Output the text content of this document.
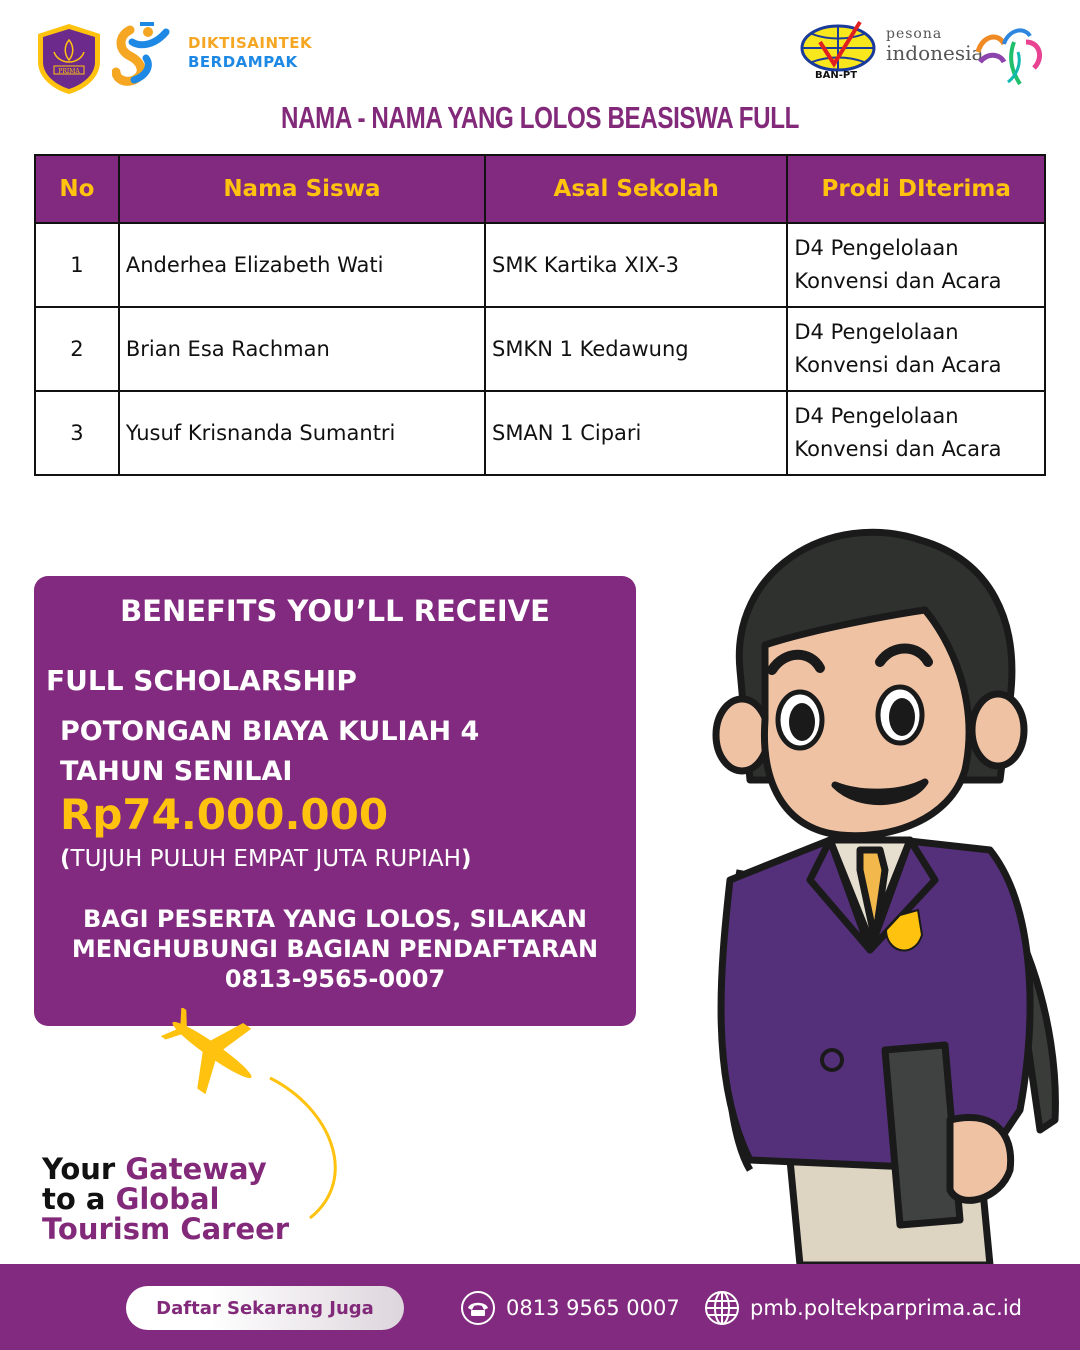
PRIMA
DIKTISAINTEK
BERDAMPAK
BAN-PT
pesona
indonesia
NAMA - NAMA YANG LOLOS BEASISWA FULL
No	Nama Siswa	Asal Sekolah	Prodi DIterima
1	Anderhea Elizabeth Wati	SMK Kartika XIX-3	D4 Pengelolaan Konvensi dan Acara
2	Brian Esa Rachman	SMKN 1 Kedawung	D4 Pengelolaan Konvensi dan Acara
3	Yusuf Krisnanda Sumantri	SMAN 1 Cipari	D4 Pengelolaan Konvensi dan Acara
BENEFITS YOU’LL RECEIVE
FULL SCHOLARSHIP
POTONGAN BIAYA KULIAH 4 TAHUN SENILAI
Rp74.000.000
(TUJUH PULUH EMPAT JUTA RUPIAH)
BAGI PESERTA YANG LOLOS, SILAKAN
MENGHUBUNGI BAGIAN PENDAFTARAN
0813-9565-0007
Your Gateway
to a Global
Tourism Career
Daftar Sekarang Juga	0813 9565 0007	pmb.poltekparprima.ac.id
